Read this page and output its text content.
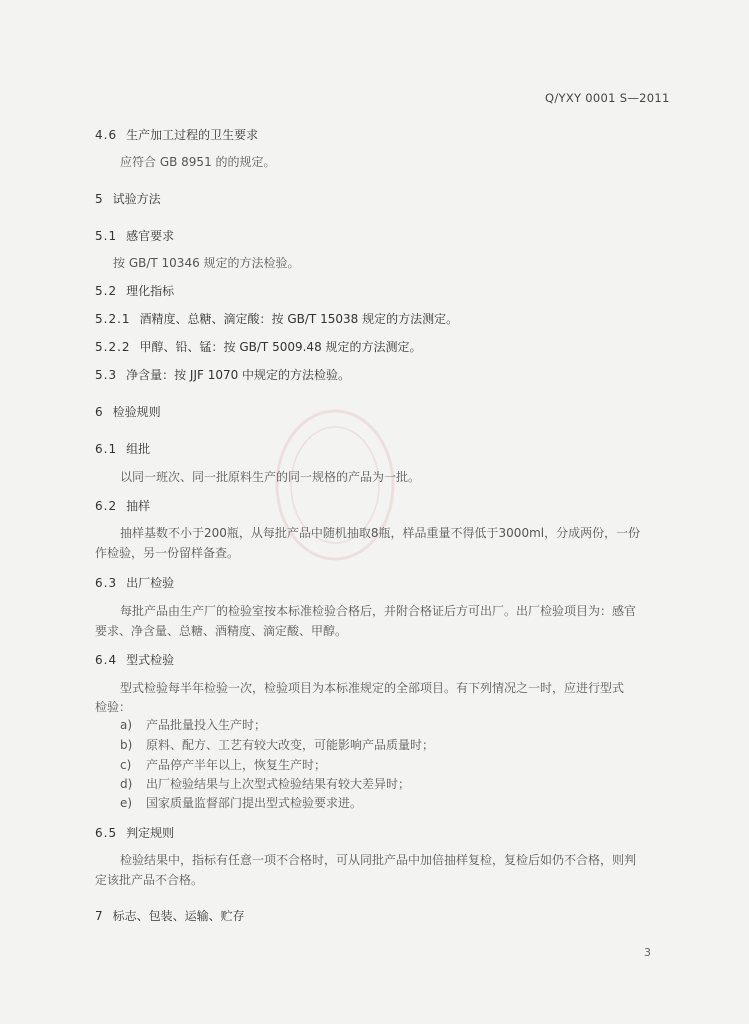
Q/YXY 0001 S—2011
4.6 生产加工过程的卫生要求
应符合 GB 8951 的的规定。
5 试验方法
5.1 感官要求
按 GB/T 10346 规定的方法检验。
5.2 理化指标
5.2.1 酒精度、总糖、滴定酸：按 GB/T 15038 规定的方法测定。
5.2.2 甲醇、铅、锰：按 GB/T 5009.48 规定的方法测定。
5.3 净含量：按 JJF 1070 中规定的方法检验。
6 检验规则
6.1 组批
以同一班次、同一批原料生产的同一规格的产品为一批。
6.2 抽样
抽样基数不小于200瓶，从每批产品中随机抽取8瓶，样品重量不得低于3000ml，分成两份，一份
作检验，另一份留样备查。
6.3 出厂检验
每批产品由生产厂的检验室按本标准检验合格后，并附合格证后方可出厂。出厂检验项目为：感官
要求、净含量、总糖、酒精度、滴定酸、甲醇。
6.4 型式检验
型式检验每半年检验一次，检验项目为本标准规定的全部项目。有下列情况之一时，应进行型式
检验：
a) 产品批量投入生产时；
b) 原料、配方、工艺有较大改变，可能影响产品质量时；
c) 产品停产半年以上，恢复生产时；
d) 出厂检验结果与上次型式检验结果有较大差异时；
e) 国家质量监督部门提出型式检验要求进。
6.5 判定规则
检验结果中，指标有任意一项不合格时，可从同批产品中加倍抽样复检，复检后如仍不合格，则判
定该批产品不合格。
7 标志、包装、运输、贮存
3
